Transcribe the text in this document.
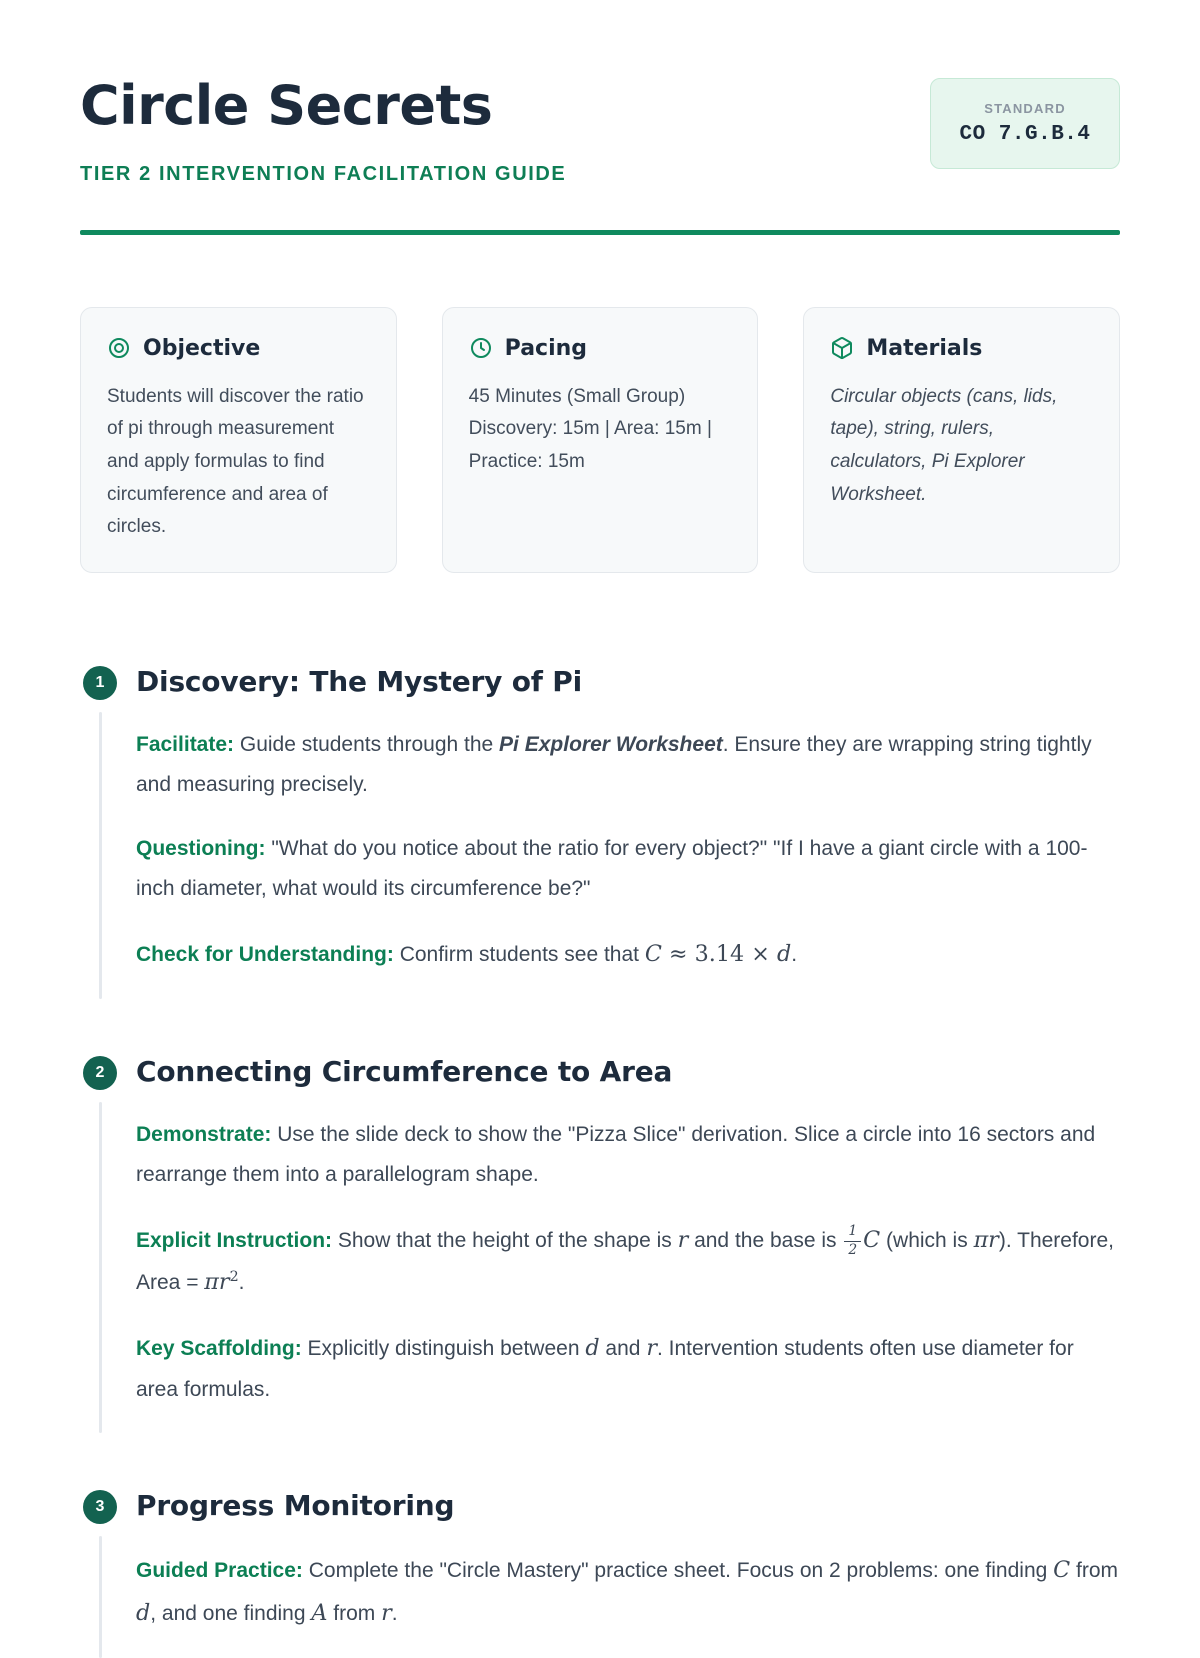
Circle Secrets
TIER 2 INTERVENTION FACILITATION GUIDE
STANDARD
CO 7.G.B.4
Objective
Students will discover the ratio of pi through measurement and apply formulas to find circumference and area of circles.
Pacing
45 Minutes (Small Group)
Discovery: 15m | Area: 15m | Practice: 15m
Materials
Circular objects (cans, lids, tape), string, rulers, calculators, Pi Explorer Worksheet.
1	Discovery: The Mystery of Pi

Facilitate: Guide students through the Pi Explorer Worksheet. Ensure they are wrapping string tightly and measuring precisely.

Questioning: "What do you notice about the ratio for every object?" "If I have a giant circle with a 100-inch diameter, what would its circumference be?"

Check for Understanding: Confirm students see that C ≈ 3.14 × d.

2	Connecting Circumference to Area

Demonstrate: Use the slide deck to show the "Pizza Slice" derivation. Slice a circle into 16 sectors and rearrange them into a parallelogram shape.

Explicit Instruction: Show that the height of the shape is r and the base is $\frac{1}{2}$ C (which is πr). Therefore, Area = $\pi r^2$.

Key Scaffolding: Explicitly distinguish between d and r. Intervention students often use diameter for area formulas.

3	Progress Monitoring

Guided Practice: Complete the "Circle Mastery" practice sheet. Focus on 2 problems: one finding C from d, and one finding A from r.
